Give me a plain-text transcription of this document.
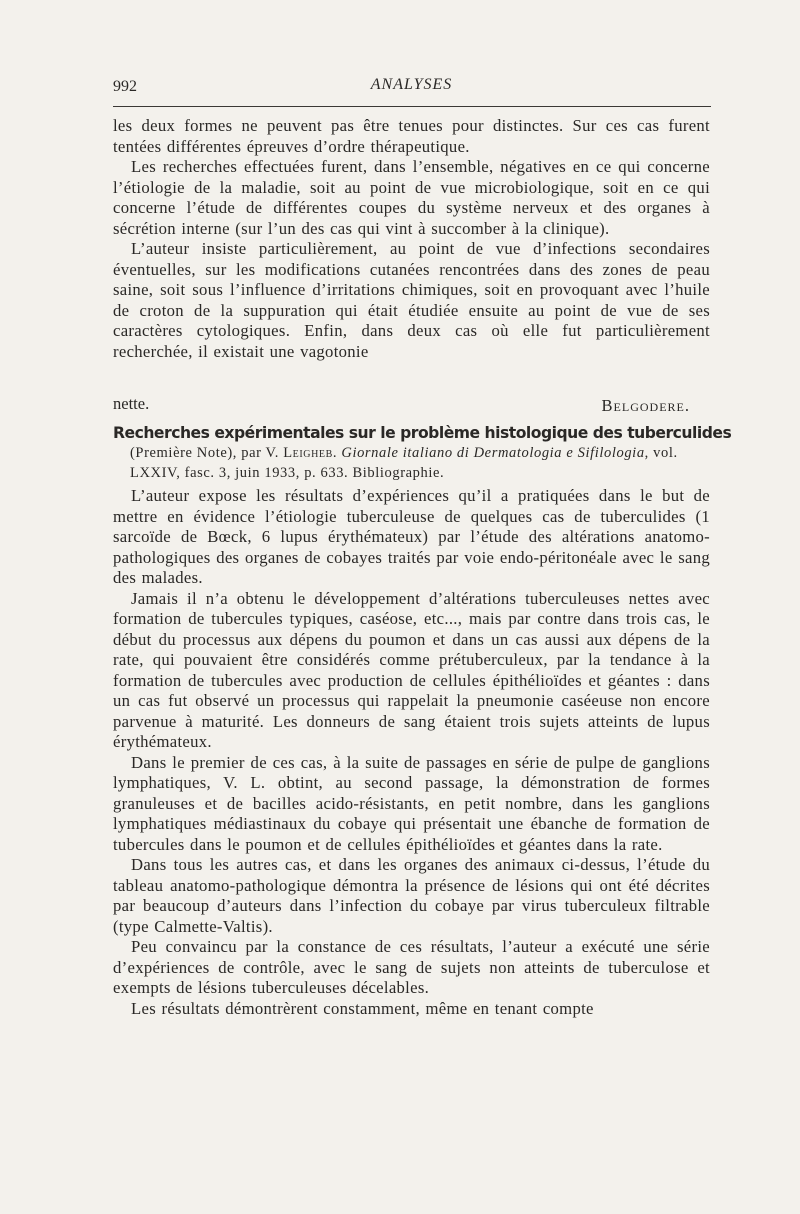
992	ANALYSES

les deux formes ne peuvent pas être tenues pour distinctes. Sur ces cas furent tentées différentes épreuves d’ordre thérapeutique.

Les recherches effectuées furent, dans l’ensemble, négatives en ce qui concerne l’étiologie de la maladie, soit au point de vue microbiologique, soit en ce qui concerne l’étude de différentes coupes du système nerveux et des organes à sécrétion interne (sur l’un des cas qui vint à succomber à la clinique).

L’auteur insiste particulièrement, au point de vue d’infections secondaires éventuelles, sur les modifications cutanées rencontrées dans des zones de peau saine, soit sous l’influence d’irritations chimiques, soit en provoquant avec l’huile de croton de la suppuration qui était étudiée ensuite au point de vue de ses caractères cytologiques. Enfin, dans deux cas où elle fut particulièrement recherchée, il existait une vagotonie

nette.	Belgodere.
Recherches expérimentales sur le problème histologique des tuberculides
(Première Note), par V. Leigheb. Giornale italiano di Dermatologia e Sifilologia, vol. LXXIV, fasc. 3, juin 1933, p. 633. Bibliographie.

L’auteur expose les résultats d’expériences qu’il a pratiquées dans le but de mettre en évidence l’étiologie tuberculeuse de quelques cas de tuberculides (1 sarcoïde de Bœck, 6 lupus érythémateux) par l’étude des altérations anatomo-pathologiques des organes de cobayes traités par voie endo-péritonéale avec le sang des malades.

Jamais il n’a obtenu le développement d’altérations tuberculeuses nettes avec formation de tubercules typiques, caséose, etc..., mais par contre dans trois cas, le début du processus aux dépens du poumon et dans un cas aussi aux dépens de la rate, qui pouvaient être considérés comme prétuberculeux, par la tendance à la formation de tubercules avec production de cellules épithélioïdes et géantes : dans un cas fut observé un processus qui rappelait la pneumonie caséeuse non encore parvenue à maturité. Les donneurs de sang étaient trois sujets atteints de lupus érythémateux.

Dans le premier de ces cas, à la suite de passages en série de pulpe de ganglions lymphatiques, V. L. obtint, au second passage, la démonstration de formes granuleuses et de bacilles acido-résistants, en petit nombre, dans les ganglions lymphatiques médiastinaux du cobaye qui présentait une ébanche de formation de tubercules dans le poumon et de cellules épithélioïdes et géantes dans la rate.

Dans tous les autres cas, et dans les organes des animaux ci-dessus, l’étude du tableau anatomo-pathologique démontra la présence de lésions qui ont été décrites par beaucoup d’auteurs dans l’infection du cobaye par virus tuberculeux filtrable (type Calmette-Valtis).

Peu convaincu par la constance de ces résultats, l’auteur a exécuté une série d’expériences de contrôle, avec le sang de sujets non atteints de tuberculose et exempts de lésions tuberculeuses décelables.

Les résultats démontrèrent constamment, même en tenant compte
